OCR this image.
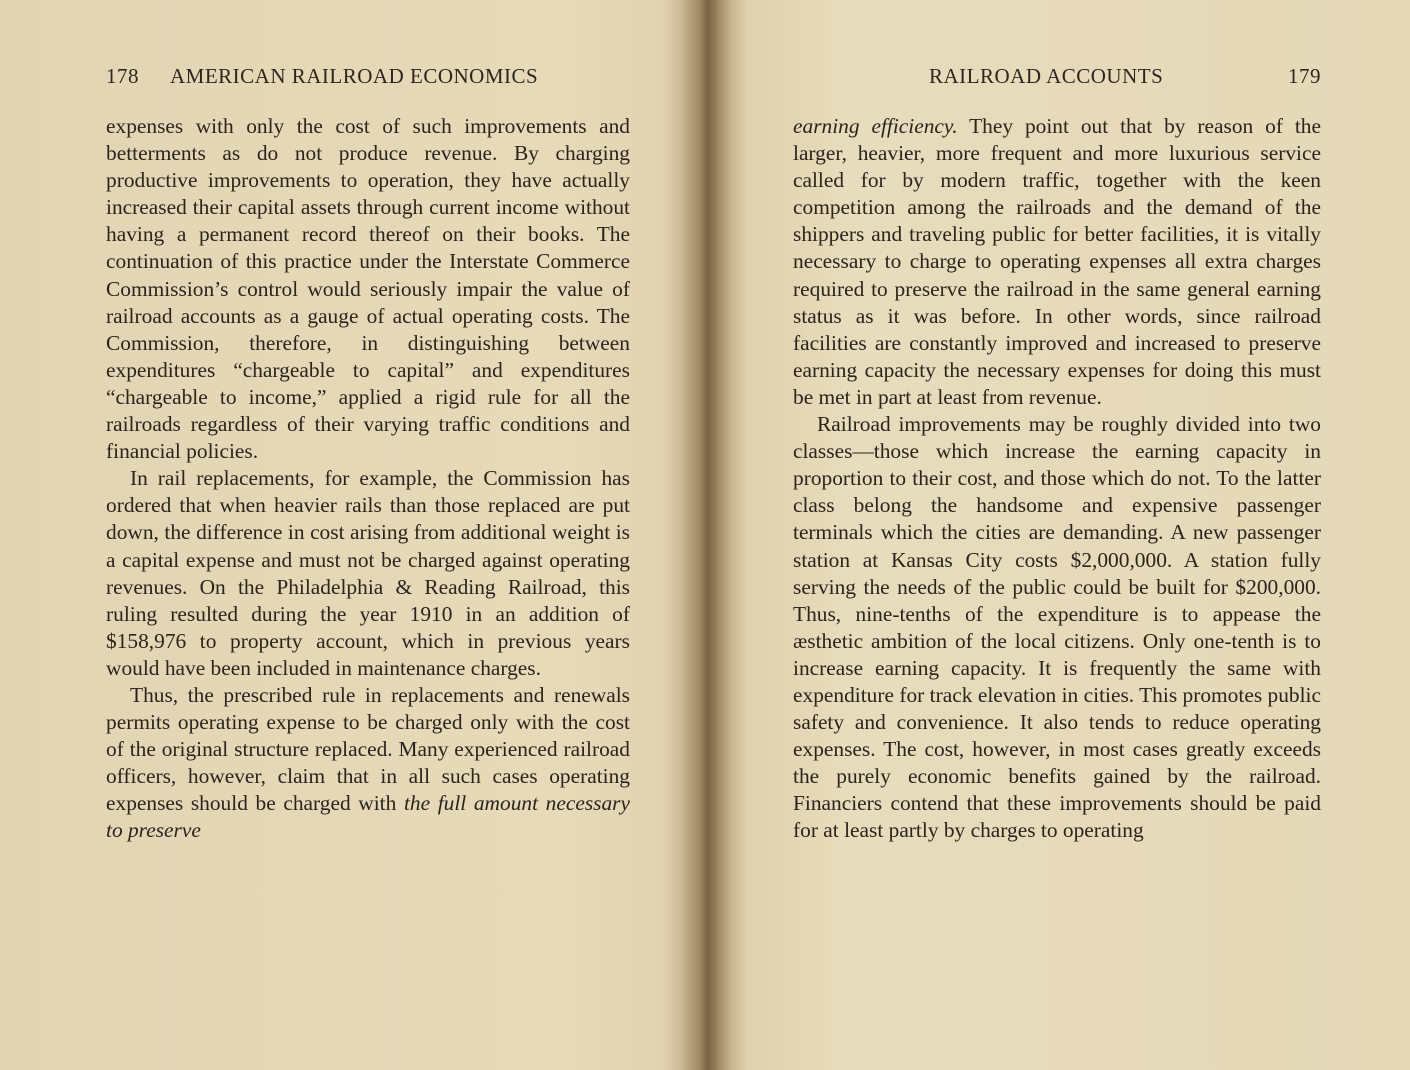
178 AMERICAN RAILROAD ECONOMICS

expenses with only the cost of such improvements and betterments as do not produce revenue. By charging productive improvements to operation, they have actually increased their capital assets through current income without having a permanent record thereof on their books. The continuation of this practice under the Interstate Commerce Commission’s control would seriously impair the value of railroad accounts as a gauge of actual operating costs. The Commission, therefore, in distinguishing between expenditures “chargeable to capital” and expenditures “chargeable to income,” applied a rigid rule for all the railroads regardless of their varying traffic conditions and financial policies.

In rail replacements, for example, the Commission has ordered that when heavier rails than those replaced are put down, the difference in cost arising from additional weight is a capital expense and must not be charged against operating revenues. On the Philadelphia & Reading Railroad, this ruling resulted during the year 1910 in an addition of $158,976 to property account, which in previous years would have been included in maintenance charges.

Thus, the prescribed rule in replacements and renewals permits operating expense to be charged only with the cost of the original structure replaced. Many experienced railroad officers, however, claim that in all such cases operating expenses should be charged with the full amount necessary to preserve

RAILROAD ACCOUNTS	179

earning efficiency. They point out that by reason of the larger, heavier, more frequent and more luxurious service called for by modern traffic, together with the keen competition among the railroads and the demand of the shippers and traveling public for better facilities, it is vitally necessary to charge to operating expenses all extra charges required to preserve the railroad in the same general earning status as it was before. In other words, since railroad facilities are constantly improved and increased to preserve earning capacity the necessary expenses for doing this must be met in part at least from revenue.

Railroad improvements may be roughly divided into two classes—those which increase the earning capacity in proportion to their cost, and those which do not. To the latter class belong the handsome and expensive passenger terminals which the cities are demanding. A new passenger station at Kansas City costs $2,000,000. A station fully serving the needs of the public could be built for $200,000. Thus, nine-tenths of the expenditure is to appease the æsthetic ambition of the local citizens. Only one-tenth is to increase earning capacity. It is frequently the same with expenditure for track elevation in cities. This promotes public safety and convenience. It also tends to reduce operating expenses. The cost, however, in most cases greatly exceeds the purely economic benefits gained by the railroad. Financiers contend that these improvements should be paid for at least partly by charges to operating
